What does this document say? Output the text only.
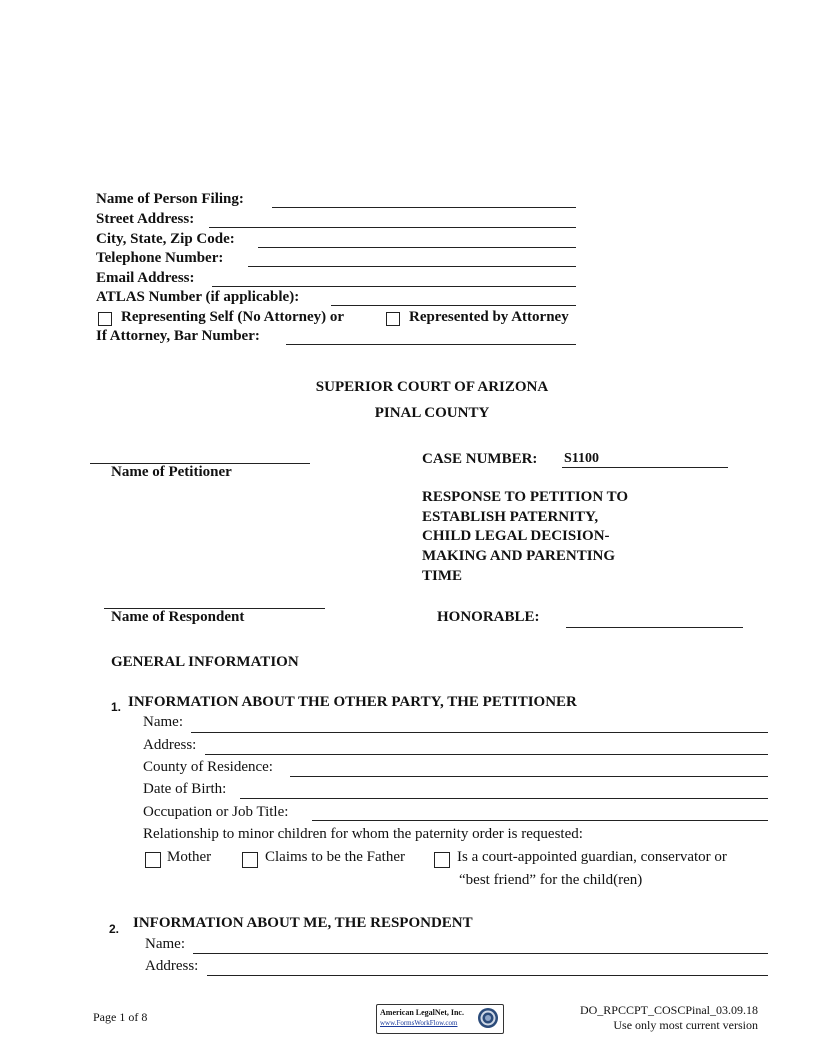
Name of Person Filing:
Street Address:
City, State, Zip Code:
Telephone Number:
Email Address:
ATLAS Number (if applicable):
Representing Self (No Attorney) or	Represented by Attorney
If Attorney, Bar Number:
SUPERIOR COURT OF ARIZONA
PINAL COUNTY
Name of Petitioner
Name of Respondent
CASE NUMBER: S1100
RESPONSE TO PETITION TO
ESTABLISH PATERNITY,
CHILD LEGAL DECISION-
MAKING AND PARENTING
TIME
HONORABLE:
GENERAL INFORMATION
1. INFORMATION ABOUT THE OTHER PARTY, THE PETITIONER
Name:
Address:
County of Residence:
Date of Birth:
Occupation or Job Title:
Relationship to minor children for whom the paternity order is requested:
Mother	Claims to be the Father	Is a court-appointed guardian, conservator or
“best friend” for the child(ren)
2. INFORMATION ABOUT ME, THE RESPONDENT
Name:
Address:
Page 1 of 8	American LegalNet, Inc.
www.FormsWorkFlow.com
DO_RPCCPT_COSCPinal_03.09.18
Use only most current version
